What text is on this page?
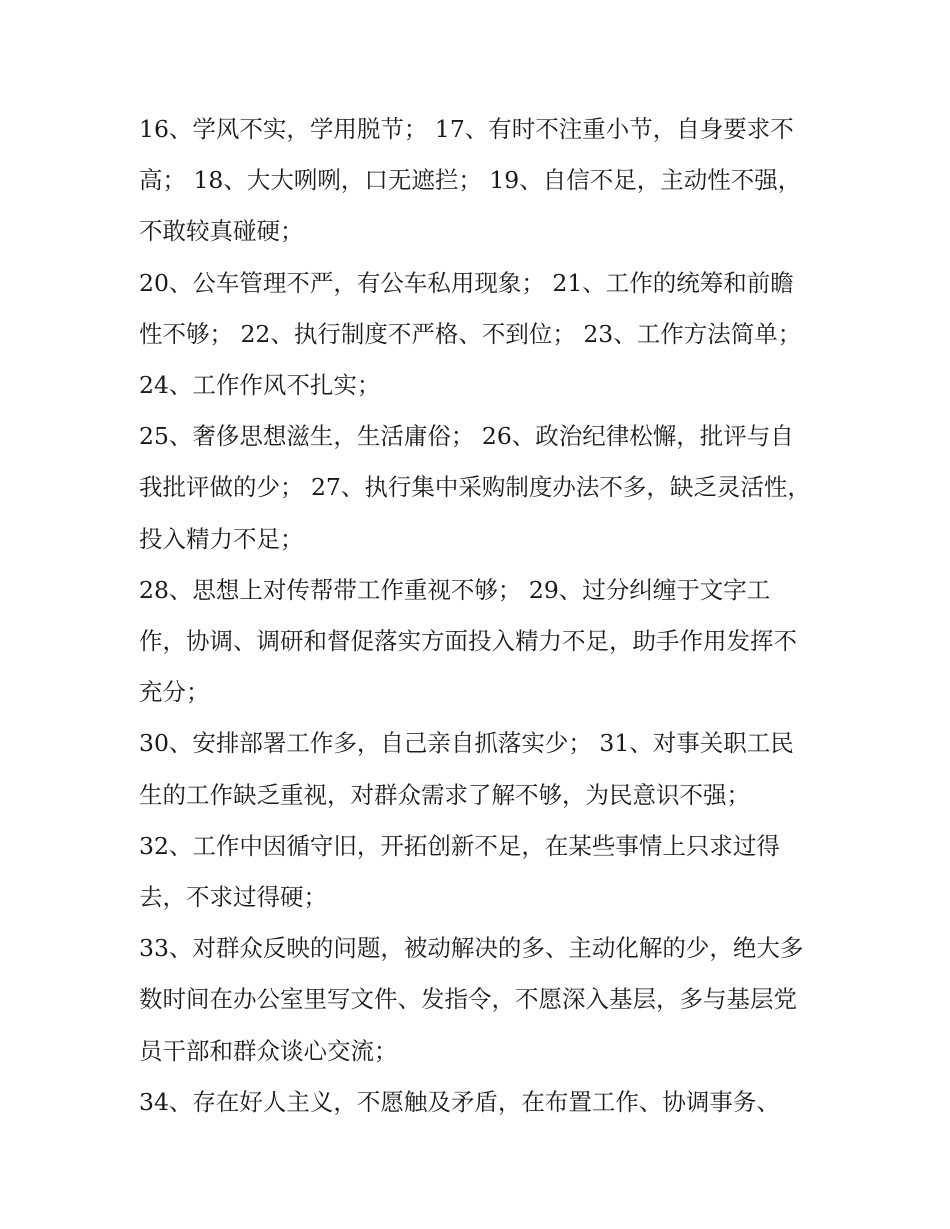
16、学风不实，学用脱节； 17、有时不注重小节，自身要求不高； 18、大大咧咧，口无遮拦； 19、自信不足，主动性不强，不敢较真碰硬；

20、公车管理不严，有公车私用现象； 21、工作的统筹和前瞻性不够； 22、执行制度不严格、不到位； 23、工作方法简单； 24、工作作风不扎实；

25、奢侈思想滋生，生活庸俗； 26、政治纪律松懈，批评与自我批评做的少； 27、执行集中采购制度办法不多，缺乏灵活性，投入精力不足；

28、思想上对传帮带工作重视不够； 29、过分纠缠于文字工作，协调、调研和督促落实方面投入精力不足，助手作用发挥不充分；

30、安排部署工作多，自己亲自抓落实少； 31、对事关职工民生的工作缺乏重视，对群众需求了解不够，为民意识不强；

32、工作中因循守旧，开拓创新不足，在某些事情上只求过得去，不求过得硬；

33、对群众反映的问题，被动解决的多、主动化解的少，绝大多数时间在办公室里写文件、发指令，不愿深入基层，多与基层党员干部和群众谈心交流；

34、存在好人主义，不愿触及矛盾，在布置工作、协调事务、
